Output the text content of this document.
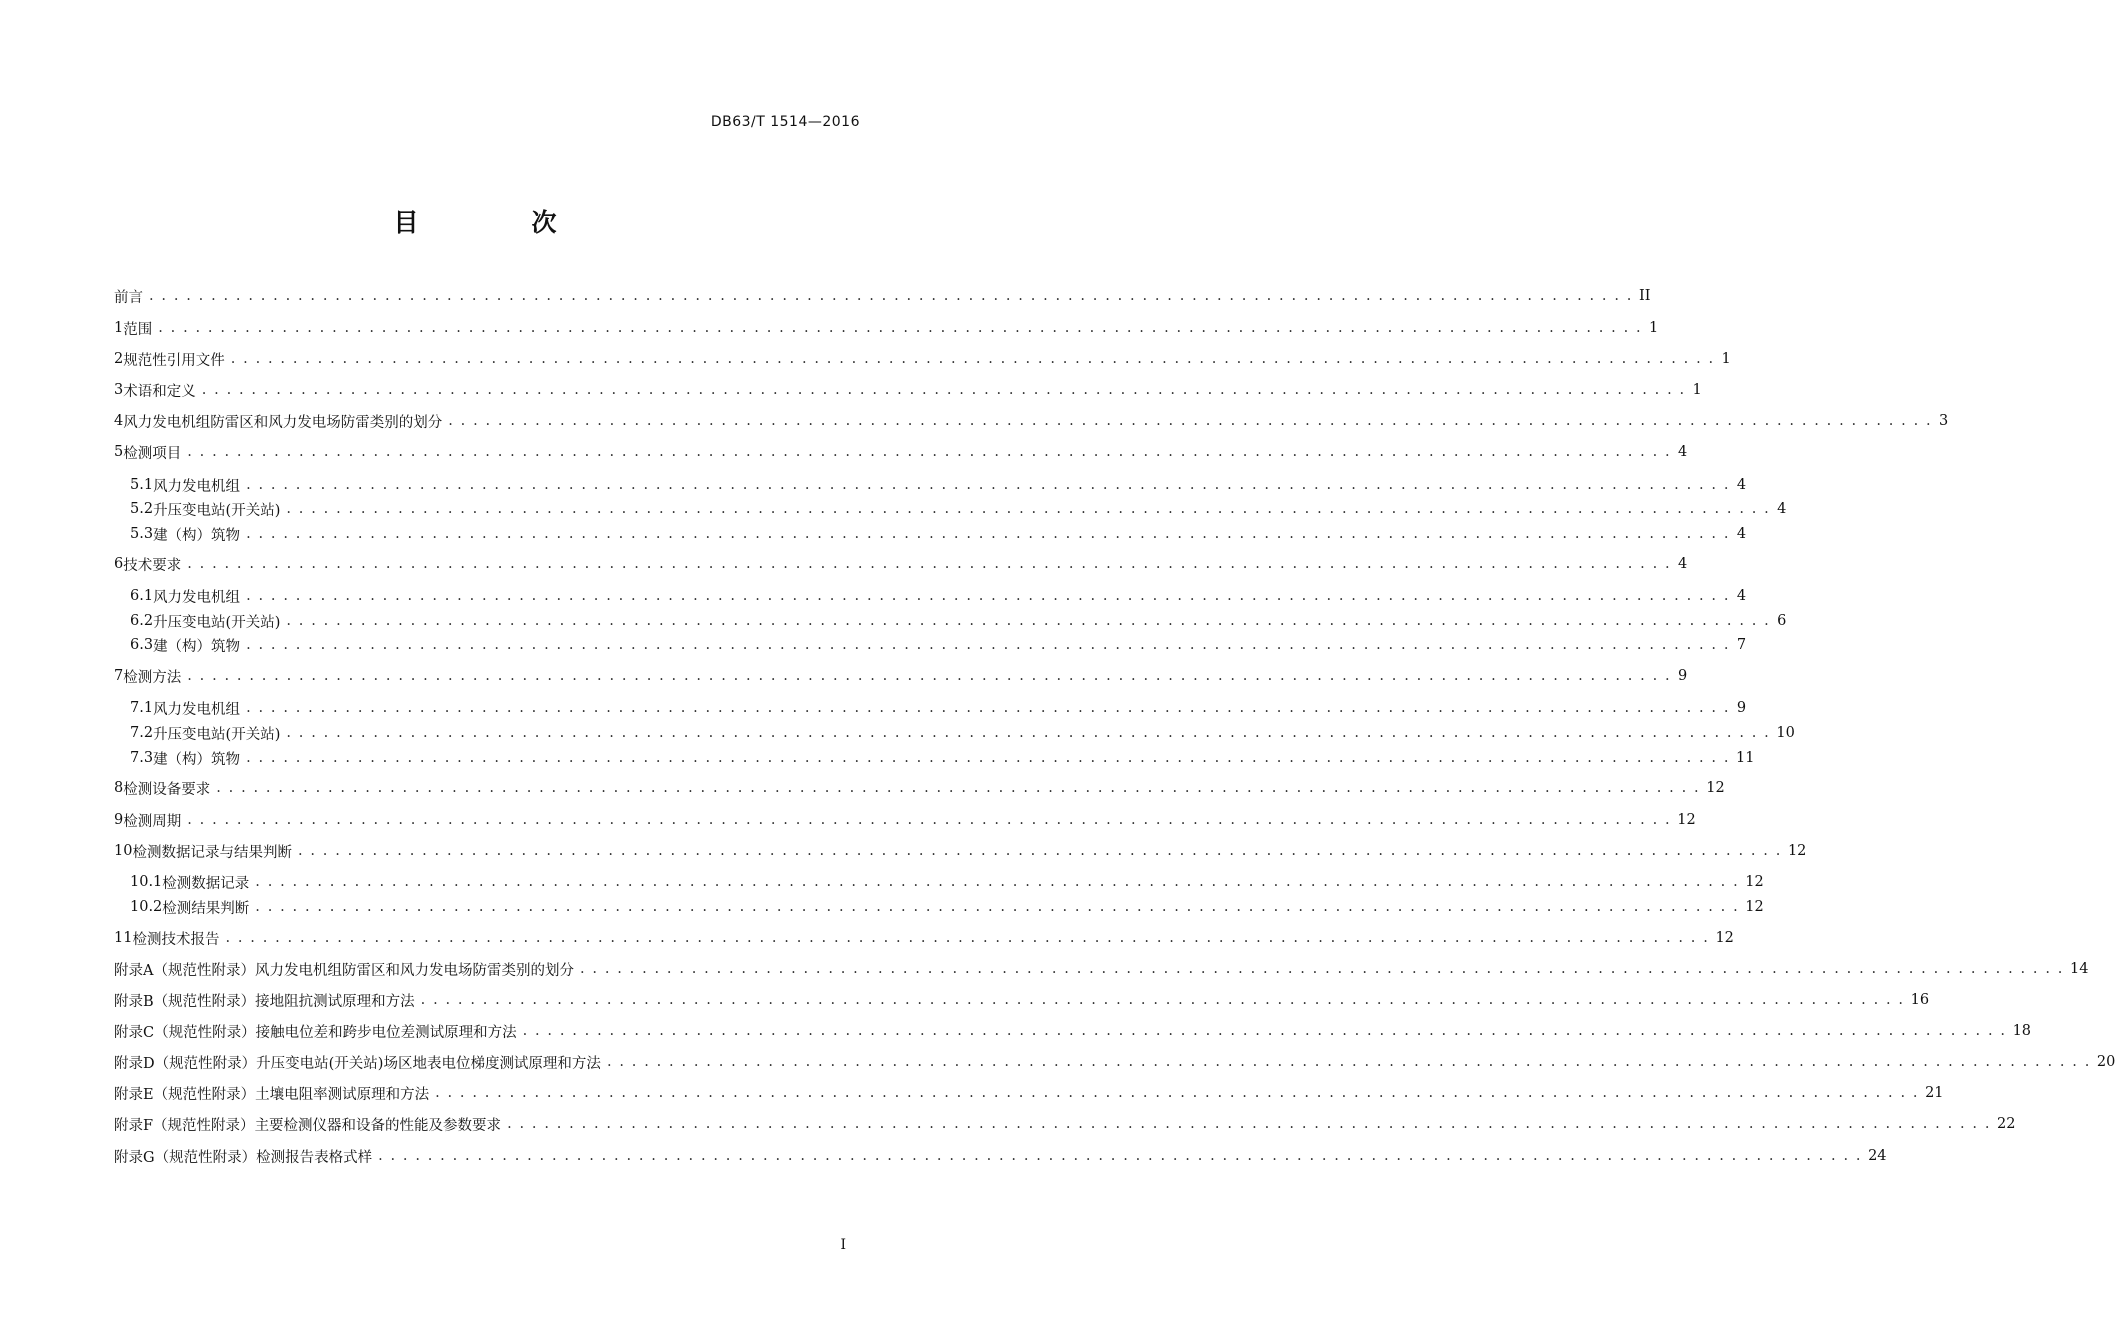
DB63/T 1514—2016
目　次
前言 . . . . . . . . . . . . . . . . . . . . . . . . . . . . . . . . . . . . . . . . . . . . . . . . . . . . . . . . . . . . . . . . . . . . . . . . . . . . . . . . . . . . . . . . . . . . . . . . . . . . . . . . . . . . . . . . . . . . . . . . II
1 范围 . . . . . . . . . . . . . . . . . . . . . . . . . . . . . . . . . . . . . . . . . . . . . . . . . . . . . . . . . . . . . . . . . . . . . . . . . . . . . . . . . . . . . . . . . . . . . . . . . . . . . . . . . . . . . . . . . . . . . . . . 1
2 规范性引用文件 . . . . . . . . . . . . . . . . . . . . . . . . . . . . . . . . . . . . . . . . . . . . . . . . . . . . . . . . . . . . . . . . . . . . . . . . . . . . . . . . . . . . . . . . . . . . . . . . . . . . . . . . . . . . . . . . . . . . . . . . 1
3 术语和定义 . . . . . . . . . . . . . . . . . . . . . . . . . . . . . . . . . . . . . . . . . . . . . . . . . . . . . . . . . . . . . . . . . . . . . . . . . . . . . . . . . . . . . . . . . . . . . . . . . . . . . . . . . . . . . . . . . . . . . . . . 1
4 风力发电机组防雷区和风力发电场防雷类别的划分 . . . . . . . . . . . . . . . . . . . . . . . . . . . . . . . . . . . . . . . . . . . . . . . . . . . . . . . . . . . . . . . . . . . . . . . . . . . . . . . . . . . . . . . . . . . . . . . . . . . . . . . . . . . . . . . . . . . . . . . . 3
5 检测项目 . . . . . . . . . . . . . . . . . . . . . . . . . . . . . . . . . . . . . . . . . . . . . . . . . . . . . . . . . . . . . . . . . . . . . . . . . . . . . . . . . . . . . . . . . . . . . . . . . . . . . . . . . . . . . . . . . . . . . . . . 4
5.1 风力发电机组 . . . . . . . . . . . . . . . . . . . . . . . . . . . . . . . . . . . . . . . . . . . . . . . . . . . . . . . . . . . . . . . . . . . . . . . . . . . . . . . . . . . . . . . . . . . . . . . . . . . . . . . . . . . . . . . . . . . . . . . . 4
5.2 升压变电站(开关站) . . . . . . . . . . . . . . . . . . . . . . . . . . . . . . . . . . . . . . . . . . . . . . . . . . . . . . . . . . . . . . . . . . . . . . . . . . . . . . . . . . . . . . . . . . . . . . . . . . . . . . . . . . . . . . . . . . . . . . . . 4
5.3 建（构）筑物 . . . . . . . . . . . . . . . . . . . . . . . . . . . . . . . . . . . . . . . . . . . . . . . . . . . . . . . . . . . . . . . . . . . . . . . . . . . . . . . . . . . . . . . . . . . . . . . . . . . . . . . . . . . . . . . . . . . . . . . . 4
6 技术要求 . . . . . . . . . . . . . . . . . . . . . . . . . . . . . . . . . . . . . . . . . . . . . . . . . . . . . . . . . . . . . . . . . . . . . . . . . . . . . . . . . . . . . . . . . . . . . . . . . . . . . . . . . . . . . . . . . . . . . . . . 4
6.1 风力发电机组 . . . . . . . . . . . . . . . . . . . . . . . . . . . . . . . . . . . . . . . . . . . . . . . . . . . . . . . . . . . . . . . . . . . . . . . . . . . . . . . . . . . . . . . . . . . . . . . . . . . . . . . . . . . . . . . . . . . . . . . . 4
6.2 升压变电站(开关站) . . . . . . . . . . . . . . . . . . . . . . . . . . . . . . . . . . . . . . . . . . . . . . . . . . . . . . . . . . . . . . . . . . . . . . . . . . . . . . . . . . . . . . . . . . . . . . . . . . . . . . . . . . . . . . . . . . . . . . . . 6
6.3 建（构）筑物 . . . . . . . . . . . . . . . . . . . . . . . . . . . . . . . . . . . . . . . . . . . . . . . . . . . . . . . . . . . . . . . . . . . . . . . . . . . . . . . . . . . . . . . . . . . . . . . . . . . . . . . . . . . . . . . . . . . . . . . . 7
7 检测方法 . . . . . . . . . . . . . . . . . . . . . . . . . . . . . . . . . . . . . . . . . . . . . . . . . . . . . . . . . . . . . . . . . . . . . . . . . . . . . . . . . . . . . . . . . . . . . . . . . . . . . . . . . . . . . . . . . . . . . . . . 9
7.1 风力发电机组 . . . . . . . . . . . . . . . . . . . . . . . . . . . . . . . . . . . . . . . . . . . . . . . . . . . . . . . . . . . . . . . . . . . . . . . . . . . . . . . . . . . . . . . . . . . . . . . . . . . . . . . . . . . . . . . . . . . . . . . . 9
7.2 升压变电站(开关站) . . . . . . . . . . . . . . . . . . . . . . . . . . . . . . . . . . . . . . . . . . . . . . . . . . . . . . . . . . . . . . . . . . . . . . . . . . . . . . . . . . . . . . . . . . . . . . . . . . . . . . . . . . . . . . . . . . . . . . . . 10
7.3 建（构）筑物 . . . . . . . . . . . . . . . . . . . . . . . . . . . . . . . . . . . . . . . . . . . . . . . . . . . . . . . . . . . . . . . . . . . . . . . . . . . . . . . . . . . . . . . . . . . . . . . . . . . . . . . . . . . . . . . . . . . . . . . . 11
8 检测设备要求 . . . . . . . . . . . . . . . . . . . . . . . . . . . . . . . . . . . . . . . . . . . . . . . . . . . . . . . . . . . . . . . . . . . . . . . . . . . . . . . . . . . . . . . . . . . . . . . . . . . . . . . . . . . . . . . . . . . . . . . . 12
9 检测周期 . . . . . . . . . . . . . . . . . . . . . . . . . . . . . . . . . . . . . . . . . . . . . . . . . . . . . . . . . . . . . . . . . . . . . . . . . . . . . . . . . . . . . . . . . . . . . . . . . . . . . . . . . . . . . . . . . . . . . . . . 12
10 检测数据记录与结果判断 . . . . . . . . . . . . . . . . . . . . . . . . . . . . . . . . . . . . . . . . . . . . . . . . . . . . . . . . . . . . . . . . . . . . . . . . . . . . . . . . . . . . . . . . . . . . . . . . . . . . . . . . . . . . . . . . . . . . . . . . 12
10.1 检测数据记录 . . . . . . . . . . . . . . . . . . . . . . . . . . . . . . . . . . . . . . . . . . . . . . . . . . . . . . . . . . . . . . . . . . . . . . . . . . . . . . . . . . . . . . . . . . . . . . . . . . . . . . . . . . . . . . . . . . . . . . . . 12
10.2 检测结果判断 . . . . . . . . . . . . . . . . . . . . . . . . . . . . . . . . . . . . . . . . . . . . . . . . . . . . . . . . . . . . . . . . . . . . . . . . . . . . . . . . . . . . . . . . . . . . . . . . . . . . . . . . . . . . . . . . . . . . . . . . 12
11 检测技术报告 . . . . . . . . . . . . . . . . . . . . . . . . . . . . . . . . . . . . . . . . . . . . . . . . . . . . . . . . . . . . . . . . . . . . . . . . . . . . . . . . . . . . . . . . . . . . . . . . . . . . . . . . . . . . . . . . . . . . . . . . 12
附录A（规范性附录） 风力发电机组防雷区和风力发电场防雷类别的划分 . . . . . . . . . . . . . . . . . . . . . . . . . . . . . . . . . . . . . . . . . . . . . . . . . . . . . . . . . . . . . . . . . . . . . . . . . . . . . . . . . . . . . . . . . . . . . . . . . . . . . . . . . . . . . . . . . . . . . . . . 14
附录B（规范性附录） 接地阻抗测试原理和方法 . . . . . . . . . . . . . . . . . . . . . . . . . . . . . . . . . . . . . . . . . . . . . . . . . . . . . . . . . . . . . . . . . . . . . . . . . . . . . . . . . . . . . . . . . . . . . . . . . . . . . . . . . . . . . . . . . . . . . . . . 16
附录C（规范性附录） 接触电位差和跨步电位差测试原理和方法 . . . . . . . . . . . . . . . . . . . . . . . . . . . . . . . . . . . . . . . . . . . . . . . . . . . . . . . . . . . . . . . . . . . . . . . . . . . . . . . . . . . . . . . . . . . . . . . . . . . . . . . . . . . . . . . . . . . . . . . . 18
附录D（规范性附录） 升压变电站(开关站)场区地表电位梯度测试原理和方法 . . . . . . . . . . . . . . . . . . . . . . . . . . . . . . . . . . . . . . . . . . . . . . . . . . . . . . . . . . . . . . . . . . . . . . . . . . . . . . . . . . . . . . . . . . . . . . . . . . . . . . . . . . . . . . . . . . . . . . . . 20
附录E（规范性附录） 土壤电阻率测试原理和方法 . . . . . . . . . . . . . . . . . . . . . . . . . . . . . . . . . . . . . . . . . . . . . . . . . . . . . . . . . . . . . . . . . . . . . . . . . . . . . . . . . . . . . . . . . . . . . . . . . . . . . . . . . . . . . . . . . . . . . . . . 21
附录F（规范性附录） 主要检测仪器和设备的性能及参数要求 . . . . . . . . . . . . . . . . . . . . . . . . . . . . . . . . . . . . . . . . . . . . . . . . . . . . . . . . . . . . . . . . . . . . . . . . . . . . . . . . . . . . . . . . . . . . . . . . . . . . . . . . . . . . . . . . . . . . . . . . 22
附录G（规范性附录） 检测报告表格式样 . . . . . . . . . . . . . . . . . . . . . . . . . . . . . . . . . . . . . . . . . . . . . . . . . . . . . . . . . . . . . . . . . . . . . . . . . . . . . . . . . . . . . . . . . . . . . . . . . . . . . . . . . . . . . . . . . . . . . . . . 24
I
